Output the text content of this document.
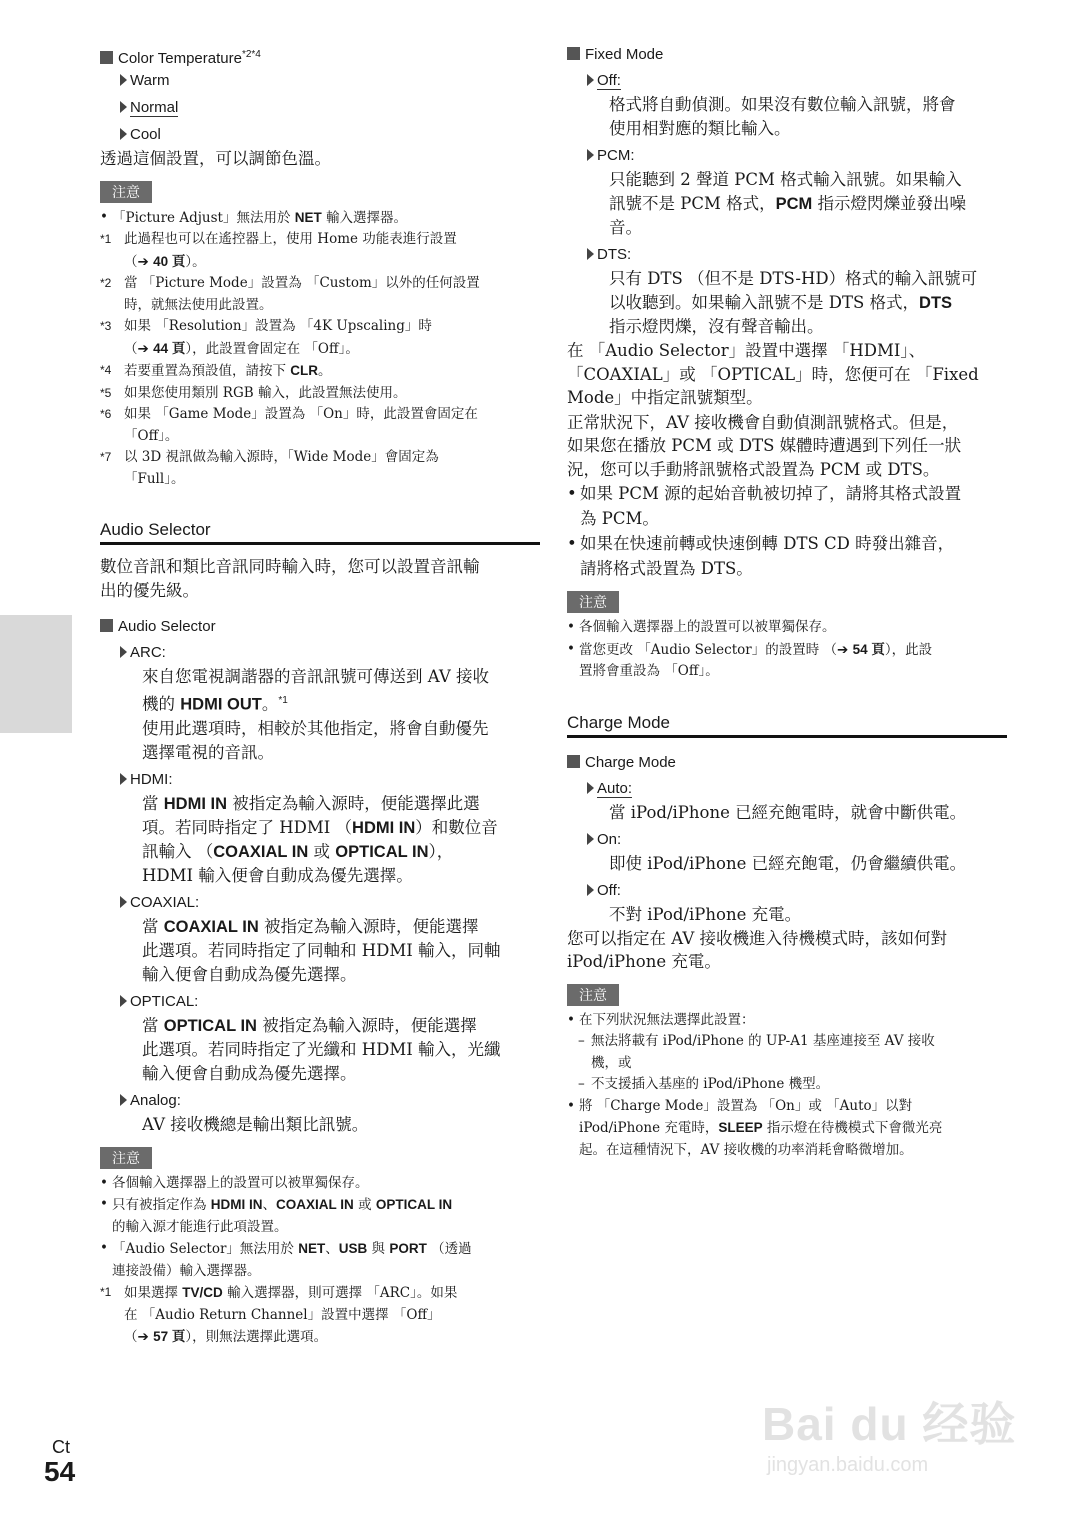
Color Temperature$^{*2*4}$
Warm
Normal
Cool
透過這個設置，可以調節色溫。
注意
• 「Picture Adjust」無法用於 NET 輸入選擇器。
*1 此過程也可以在遙控器上，使用 Home 功能表進行設置
（➔ 40 頁）。
*2 當 「Picture Mode」設置為 「Custom」以外的任何設置
時，就無法使用此設置。
*3 如果 「Resolution」設置為 「4K Upscaling」時
（➔ 44 頁），此設置會固定在 「Off」。
*4 若要重置為預設值，請按下 CLR。
*5 如果您使用類別 RGB 輸入，此設置無法使用。
*6 如果 「Game Mode」設置為 「On」時，此設置會固定在
「Off」。
*7 以 3D 視訊做為輸入源時，「Wide Mode」會固定為
「Full」。
Audio Selector
數位音訊和類比音訊同時輸入時，您可以設置音訊輸
出的優先級。
Audio Selector
ARC:
來自您電視調諧器的音訊訊號可傳送到 AV 接收
機的 HDMI OUT。$^{*1}$
使用此選項時，相較於其他指定，將會自動優先
選擇電視的音訊。
HDMI:
當 HDMI IN 被指定為輸入源時，便能選擇此選
項。若同時指定了 HDMI （HDMI IN）和數位音
訊輸入 （COAXIAL IN 或 OPTICAL IN），
HDMI 輸入便會自動成為優先選擇。
COAXIAL:
當 COAXIAL IN 被指定為輸入源時，便能選擇
此選項。若同時指定了同軸和 HDMI 輸入，同軸
輸入便會自動成為優先選擇。
OPTICAL:
當 OPTICAL IN 被指定為輸入源時，便能選擇
此選項。若同時指定了光纖和 HDMI 輸入，光纖
輸入便會自動成為優先選擇。
Analog:
AV 接收機總是輸出類比訊號。
注意
• 各個輸入選擇器上的設置可以被單獨保存。
• 只有被指定作為 HDMI IN、COAXIAL IN 或 OPTICAL IN
的輸入源才能進行此項設置。
• 「Audio Selector」無法用於 NET、USB 與 PORT （透過
連接設備）輸入選擇器。
*1 如果選擇 TV/CD 輸入選擇器，則可選擇 「ARC」。如果
在 「Audio Return Channel」設置中選擇 「Off」
（➔ 57 頁），則無法選擇此選項。
Fixed Mode
Off:
格式將自動偵測。如果沒有數位輸入訊號，將會
使用相對應的類比輸入。
PCM:
只能聽到 2 聲道 PCM 格式輸入訊號。如果輸入
訊號不是 PCM 格式，PCM 指示燈閃爍並發出噪
音。
DTS:
只有 DTS （但不是 DTS-HD）格式的輸入訊號可
以收聽到。如果輸入訊號不是 DTS 格式，DTS
指示燈閃爍，沒有聲音輸出。
在 「Audio Selector」設置中選擇 「HDMI」、
「COAXIAL」或 「OPTICAL」時，您便可在 「Fixed
Mode」中指定訊號類型。
正常狀況下，AV 接收機會自動偵測訊號格式。但是，
如果您在播放 PCM 或 DTS 媒體時遭遇到下列任一狀
況，您可以手動將訊號格式設置為 PCM 或 DTS。
• 如果 PCM 源的起始音軌被切掉了，請將其格式設置
為 PCM。
• 如果在快速前轉或快速倒轉 DTS CD 時發出雜音，
請將格式設置為 DTS。
注意
• 各個輸入選擇器上的設置可以被單獨保存。
• 當您更改 「Audio Selector」的設置時 （➔ 54 頁），此設
置將會重設為 「Off」。
Charge Mode
Charge Mode
Auto:
當 iPod/iPhone 已經充飽電時，就會中斷供電。
On:
即使 iPod/iPhone 已經充飽電，仍會繼續供電。
Off:
不對 iPod/iPhone 充電。
您可以指定在 AV 接收機進入待機模式時，該如何對
iPod/iPhone 充電。
注意
• 在下列狀況無法選擇此設置：
– 無法將載有 iPod/iPhone 的 UP-A1 基座連接至 AV 接收
機，或
– 不支援插入基座的 iPod/iPhone 機型。
• 將 「Charge Mode」設置為 「On」或 「Auto」以對
iPod/iPhone 充電時，SLEEP 指示燈在待機模式下會微光亮
起。在這種情況下，AV 接收機的功率消耗會略微增加。
Ct
54
Bai du 经验
jingyan.baidu.com
